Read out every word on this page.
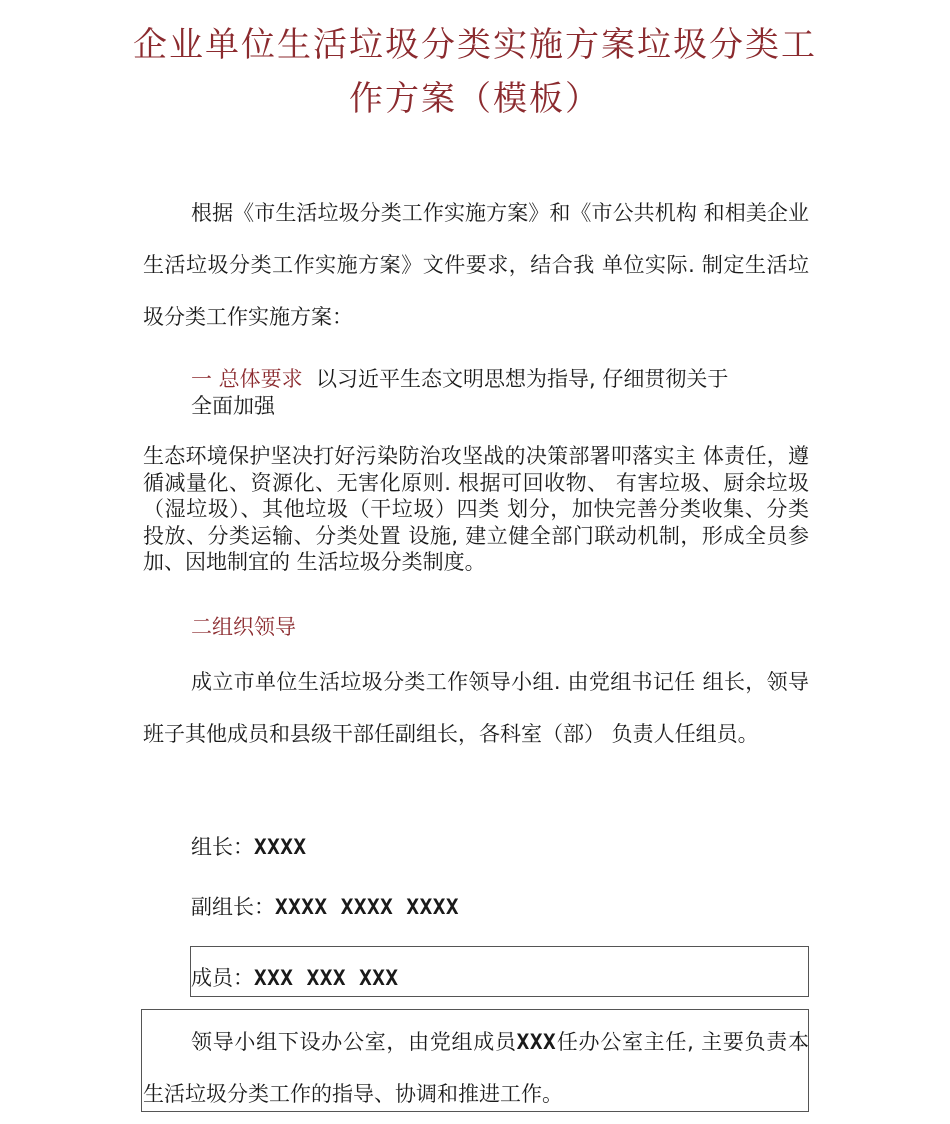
企业单位生活垃圾分类实施方案垃圾分类工
作方案（模板）

根据《市生活垃圾分类工作实施方案》和《市公共机构 和相美企业生活垃圾分类工作实施方案》文件要求，结合我 单位实际. 制定生活垃圾分类工作实施方案：

一 总体要求 以习近平生态文明思想为指导, 仔细贯彻关于

全面加强

生态环境保护坚决打好污染防治攻坚战的决策部署叩落实主 体责任，遵循减量化、资源化、无害化原则. 根据可回收物、 有害垃圾、厨余垃圾（湿垃圾）、其他垃圾（干垃圾）四类 划分，加快完善分类收集、分类投放、分类运输、分类处置 设施, 建立健全部门联动机制，形成全员参加、因地制宜的 生活垃圾分类制度。

二组织领导

成立市单位生活垃圾分类工作领导小组. 由党组书记任 组长，领导班子其他成员和县级干部任副组长，各科室（部） 负责人任组员。

组长：XXXX

副组长：XXXX XXXX XXXX

成员：XXX XXX XXX

领导小组下设办公室，由党组成员XXX任办公室主任, 主要负责本生活垃圾分类工作的指导、协调和推进工作。
